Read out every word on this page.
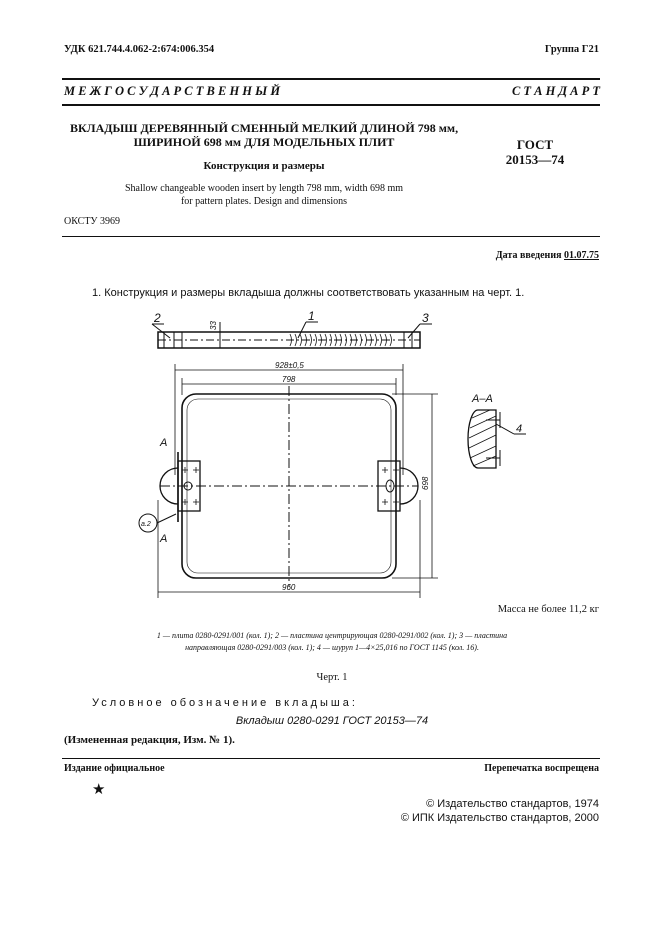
УДК 621.744.4.062-2:674:006.354	Группа Г21
М Е Ж Г О С У Д А Р С Т В Е Н Н Ы Й	С Т А Н Д А Р Т
ВКЛАДЫШ ДЕРЕВЯННЫЙ СМЕННЫЙ МЕЛКИЙ ДЛИНОЙ 798 мм,
ШИРИНОЙ 698 мм ДЛЯ МОДЕЛЬНЫХ ПЛИТ	ГОСТ
20153—74
Конструкция и размеры
Shallow changeable wooden insert by length 798 mm, width 698 mm
for pattern plates. Design and dimensions
ОКСТУ 3969
Дата введения 01.07.75
1. Конструкция и размеры вкладыша должны соответствовать указанным на черт. 1.
33
2	1	3
928±0,5
798
960
698
А
А
а.2
А–А
4
Масса не более 11,2 кг
1 — плита 0280-0291/001 (кол. 1); 2 — пластина центрирующая 0280-0291/002 (кол. 1); 3 — пластина
направляющая 0280-0291/003 (кол. 1); 4 — шуруп 1—4×25,016 по ГОСТ 1145 (кол. 16).
Черт. 1
Условное обозначение вкладыша:
Вкладыш 0280-0291 ГОСТ 20153—74
(Измененная редакция, Изм. № 1).
Издание официальное	Перепечатка воспрещена
★
© Издательство стандартов, 1974
© ИПК Издательство стандартов, 2000
